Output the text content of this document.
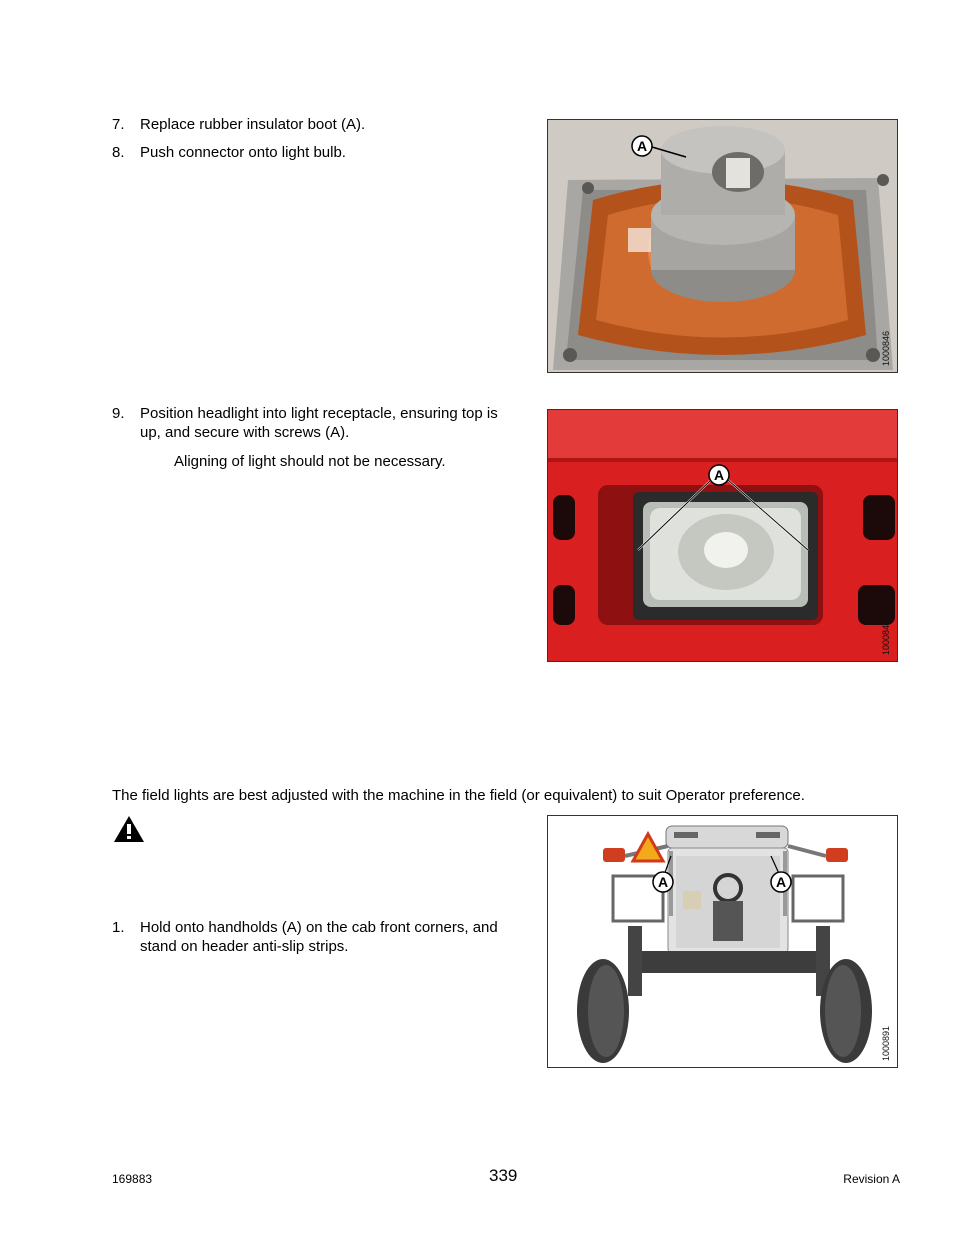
7. Replace rubber insulator boot (A).
8. Push connector onto light bulb.	A
1000846
9. Position headlight into light receptacle, ensuring top is up, and secure with screws (A).
Aligning of light should not be necessary.
A
1000845
The field lights are best adjusted with the machine in the field (or equivalent) to suit Operator preference.
1. Hold onto handholds (A) on the cab front corners, and stand on header anti-slip strips.
A	A
1000891
169883	339	Revision A
